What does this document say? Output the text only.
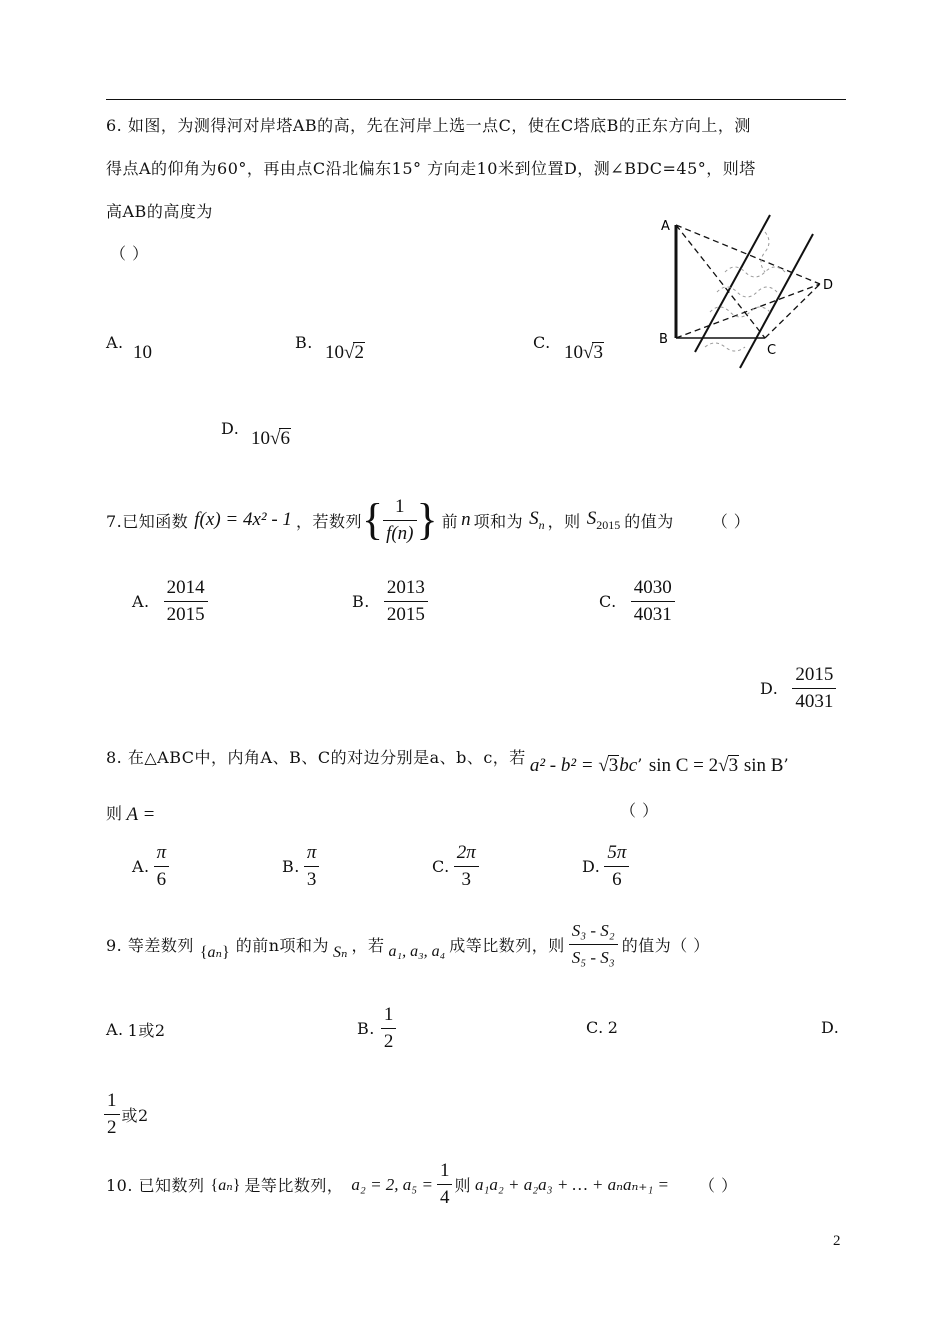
6. 如图，为测得河对岸塔AB的高，先在河岸上选一点C，使在C塔底B的正东方向上，测
得点A的仰角为60°，再由点C沿北偏东15° 方向走10米到位置D，测∠BDC=45°，则塔
高AB的高度为
（ ）
A. 10	B. 10√2	C. 10√3
D. 10√6
A
B
C
D
7.已知函数 f(x) = 4x² - 1 ，若数列 { $\frac{1}{f(n)}$ } 前 n 项和为 $S_n$ ，则 $S_{2015}$ 的值为 （ ）
A. $\frac{2014}{2015}$	B. $\frac{2013}{2015}$	C. $\frac{4030}{4031}$
D. $\frac{2015}{4031}$
8. 在△ABC中，内角A、B、C的对边分别是a、b、c，若 a² - b² = √3bc ’ sin C = 2√3 sin B ’
则 A =	（ ）
A. $\frac{\pi}{6}$	B. $\frac{\pi}{3}$	C. $\frac{2\pi}{3}$	D. $\frac{5\pi}{6}$
9. 等差数列 {aₙ} 的前n项和为 Sₙ ，若 a₁, a₃, a₄ 成等比数列，则 $\frac{\text{S₃ - S₂}}{\text{S₅ - S₃}}$ 的值为（ ）
A. 1或2	B. $\frac{1}{2}$	C. 2	D.
$\frac{1}{2}$ 或2
10. 已知数列 {aₙ} 是等比数列， a₂ = 2, $a_5 = \frac{1}{4}$ 则 a₁a₂ + a₂a₃ + … + aₙaₙ₊₁ = （ ）
2
